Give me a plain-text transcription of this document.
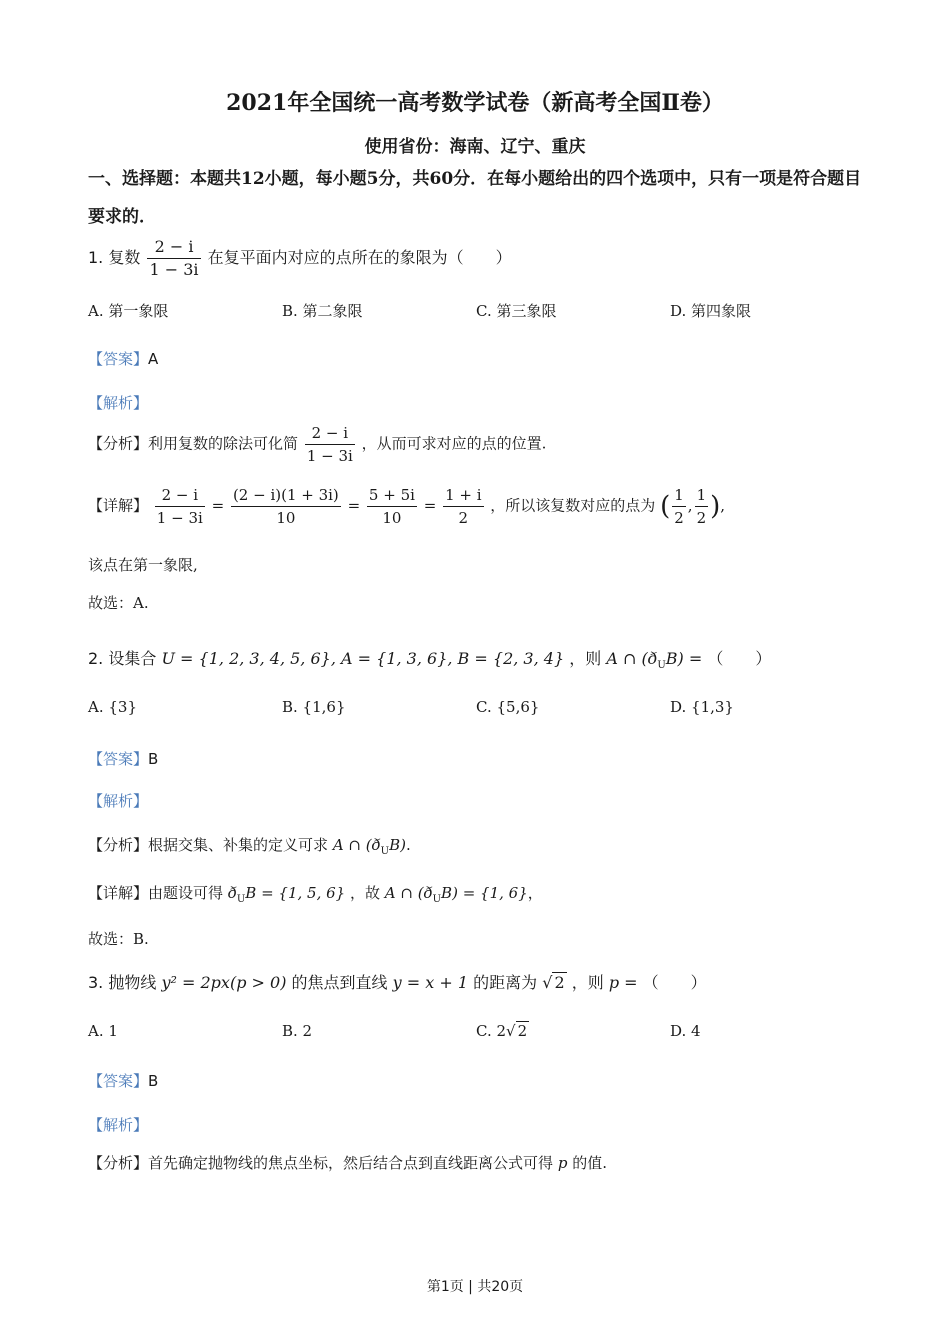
2021年全国统一高考数学试卷（新高考全国Ⅱ卷）
使用省份：海南、辽宁、重庆
一、选择题：本题共12小题，每小题5分，共60分．在每小题给出的四个选项中，只有一项是符合题目要求的．
1. 复数 $\frac{2 - i}{1 - 3i}$ 在复平面内对应的点所在的象限为（　　）
A. 第一象限	B. 第二象限	C. 第三象限	D. 第四象限
【答案】A
【解析】
【分析】利用复数的除法可化简 $\frac{2 - i}{1 - 3i}$ ，从而可求对应的点的位置.
【详解】 $\frac{2 - i}{1 - 3i} = \frac{(2 - i)(1 + 3i)}{10} = \frac{5 + 5i}{10} = \frac{1 + i}{2}$ ，所以该复数对应的点为 ( $\frac{1}{2}$ , $\frac{1}{2}$ ),
该点在第一象限,
故选：A.
2. 设集合 U = {1, 2, 3, 4, 5, 6}, A = {1, 3, 6}, B = {2, 3, 4} ，则 A ∩ $(ð_UB)$ = （　　）
A. {3}	B. {1,6}	C. {5,6}	D. {1,3}
【答案】B
【解析】
【分析】根据交集、补集的定义可求 A ∩ $(ð_UB)$.
【详解】由题设可得 $ð_UB = \{1$, 5, 6} ，故 A ∩ $(ð_UB) = \{1$, 6}，
故选：B.
3. 抛物线 y² = 2px(p > 0) 的焦点到直线 y = x + 1 的距离为 √ 2 ，则 p = （　　）
A. 1	B. 2	C. 2√ 2	D. 4
【答案】B
【解析】
【分析】首先确定抛物线的焦点坐标，然后结合点到直线距离公式可得 p 的值.
第1页 | 共20页
